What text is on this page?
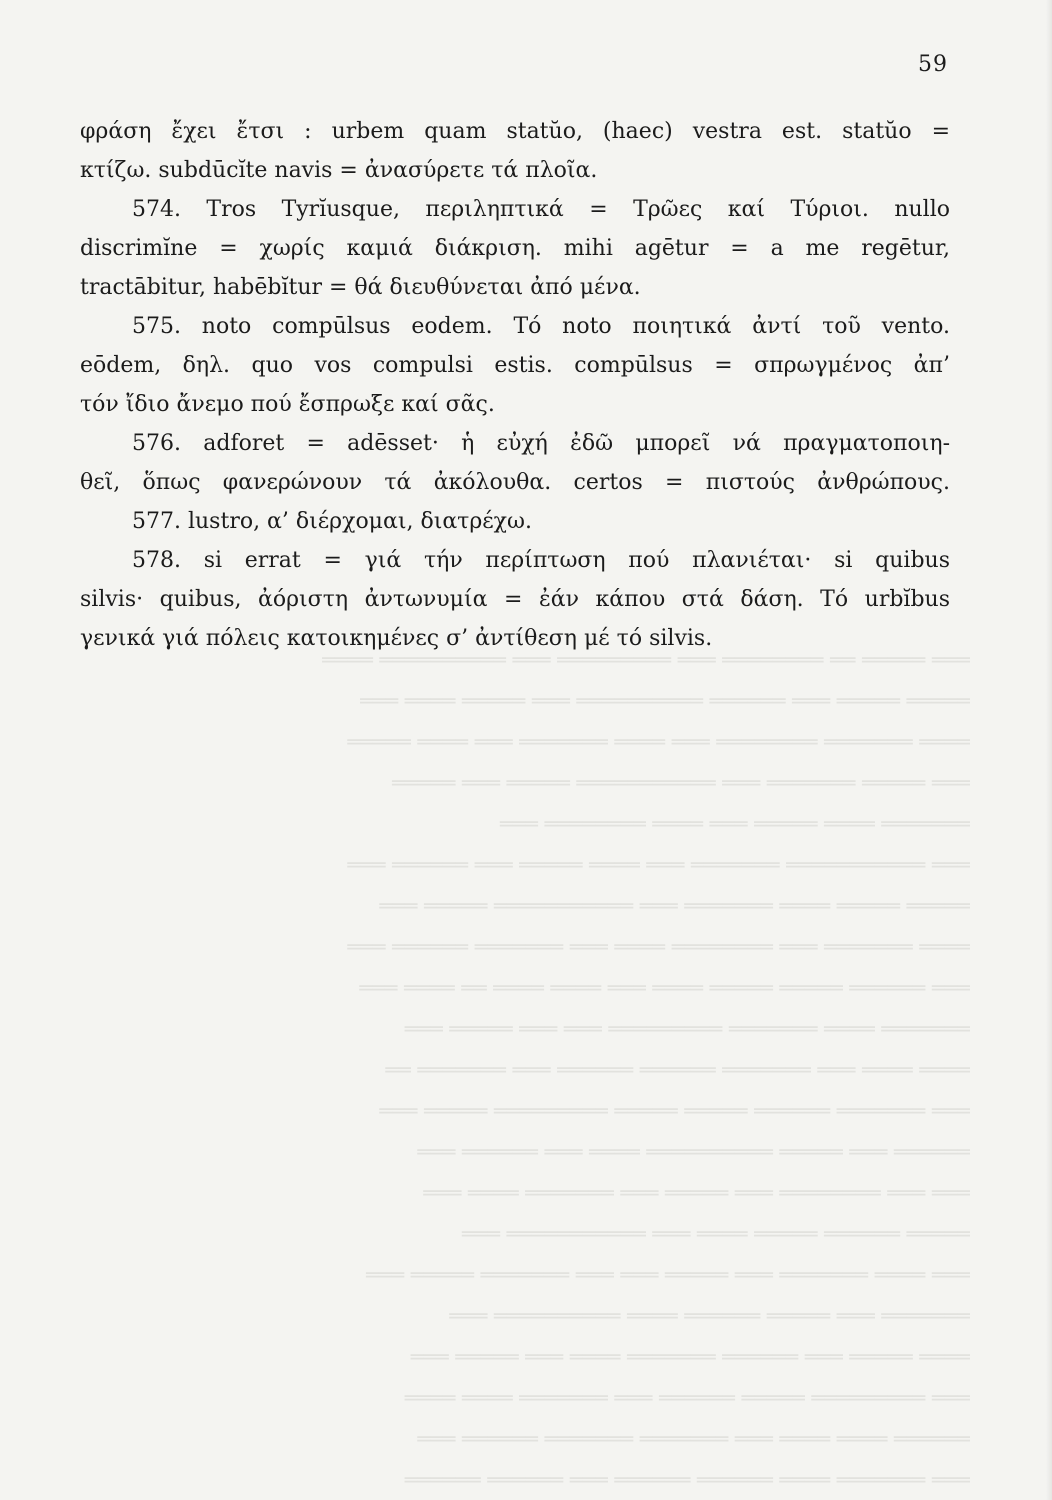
═══ ═════ ══ ════════ ═══ ═════════ ═══ ══════════ ════
═════ ═════ ═══ ══════ ══════════ ═══ ═════ ════ ═══
════ ═══════ ════════ ═══ ════ ═══════ ═══ ════ ═════
═══ ═════ ═══════ ═══ ═══════════ ═════ ═══ ═════
═══════ ════ ═════ ═══ ════ ════════ ═══
═══ ═══════════ ═══════ ═══ ════ ═════ ═══ ══════ ═══
═════ ═════ ════ ═══════ ═══ ═══════════ ═════ ═══
════ ═══════ ═══ ════════ ════ ═══ ═══════ ══════ ═══
═══ ══════ ═════ ═════ ════ ═══ ════ ════ ══ ════ ═══
═══════ ════ ═══════ ═════════ ═══ ═══ ═════ ═══
════ ════ ═══ ═══════ ══════ ══════ ═══ ═══════ ══
═══ ═══════ ══════ ═════ ═════ ═════════ ═════ ═══
══════ ═══ ═════ ══════════ ════ ═══ ══════ ═══
═══ ═══ ════════ ═══ ═════ ═══ ═══════ ════ ═══
═════ ══════ ═════ ════ ═══ ═══════════ ═══
═══ ════ ═══════ ═══ ═════ ═══ ═══ ═══════ ═════ ═══
═══════ ═══ ═════ ══════ ════ ══════════ ═══
════ ═════ ═══ ══════ ═══════ ════ ═══ ═════ ═══
═══ ═════════ ═════ ══════ ═══ ═══════ ════ ════
══════ ════ ════ ═══ ═══════ ═══════ ══════ ═══
═══ ═══════ ════ ══════ ══════ ═══ ══════ ══════
59
φράση ἔχει ἔτσι : urbem quam statŭo, (haec) vestra est. statŭo =
κτίζω. subdūcĭte navis = ἀνασύρετε τά πλοῖα.
574. Tros Tyrĭusque, περιληπτικά = Τρῶες καί Τύριοι. nullo
discrimĭne = χωρίς καμιά διάκριση. mihi agētur = a me regētur,
tractābitur, habēbĭtur = θά διευθύνεται ἀπό μένα.
575. noto compūlsus eodem. Τό noto ποιητικά ἀντί τοῦ vento.
eōdem, δηλ. quo vos compulsi estis. compūlsus = σπρωγμένος ἀπ’
τόν ἴδιο ἄνεμο πού ἔσπρωξε καί σᾶς.
576. adforet = adēsset· ἡ εὐχή ἐδῶ μπορεῖ νά πραγματοποιη-
θεῖ, ὅπως φανερώνουν τά ἀκόλουθα. certos = πιστούς ἀνθρώπους.
577. lustro, α’ διέρχομαι, διατρέχω.
578. si errat = γιά τήν περίπτωση πού πλανιέται· si quibus
silvis· quibus, ἀόριστη ἀντωνυμία = ἐάν κάπου στά δάση. Τό urbĭbus
γενικά γιά πόλεις κατοικημένες σ’ ἀντίθεση μέ τό silvis.
